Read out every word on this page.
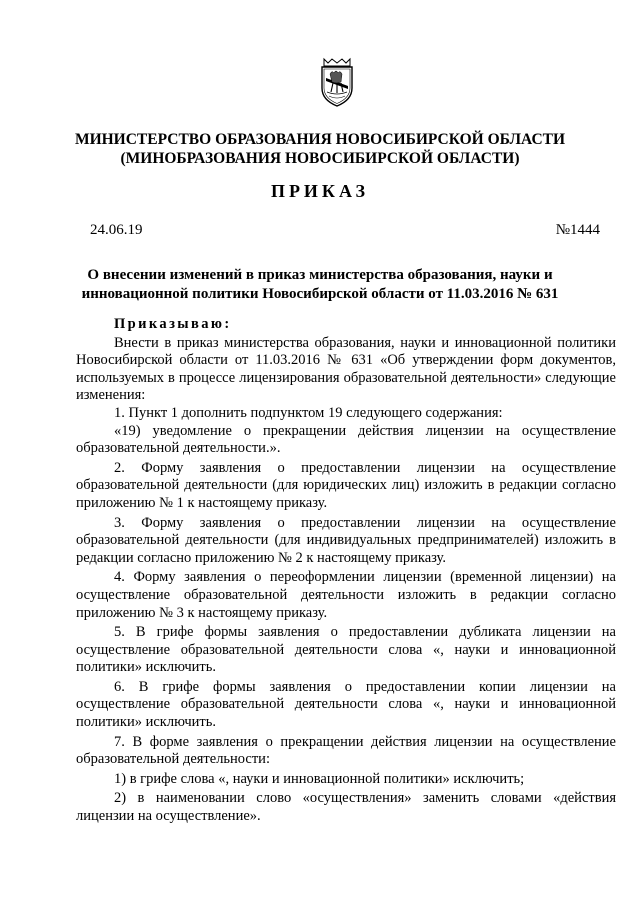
МИНИСТЕРСТВО ОБРАЗОВАНИЯ НОВОСИБИРСКОЙ ОБЛАСТИ
(МИНОБРАЗОВАНИЯ НОВОСИБИРСКОЙ ОБЛАСТИ)
ПРИКАЗ
24.06.19	№1444
О внесении изменений в приказ министерства образования, науки и
инновационной политики Новосибирской области от 11.03.2016 № 631

Приказываю:

Внести в приказ министерства образования, науки и инновационной политики Новосибирской области от 11.03.2016 № 631 «Об утверждении форм документов, используемых в процессе лицензирования образовательной деятельности» следующие изменения:

1. Пункт 1 дополнить подпунктом 19 следующего содержания:

«19) уведомление о прекращении действия лицензии на осуществление образовательной деятельности.».

2. Форму заявления о предоставлении лицензии на осуществление образовательной деятельности (для юридических лиц) изложить в редакции согласно приложению № 1 к настоящему приказу.

3. Форму заявления о предоставлении лицензии на осуществление образовательной деятельности (для индивидуальных предпринимателей) изложить в редакции согласно приложению № 2 к настоящему приказу.

4. Форму заявления о переоформлении лицензии (временной лицензии) на осуществление образовательной деятельности изложить в редакции согласно приложению № 3 к настоящему приказу.

5. В грифе формы заявления о предоставлении дубликата лицензии на осуществление образовательной деятельности слова «, науки и инновационной политики» исключить.

6. В грифе формы заявления о предоставлении копии лицензии на осуществление образовательной деятельности слова «, науки и инновационной политики» исключить.

7. В форме заявления о прекращении действия лицензии на осуществление образовательной деятельности:

1) в грифе слова «, науки и инновационной политики» исключить;

2) в наименовании слово «осуществления» заменить словами «действия лицензии на осуществление».
